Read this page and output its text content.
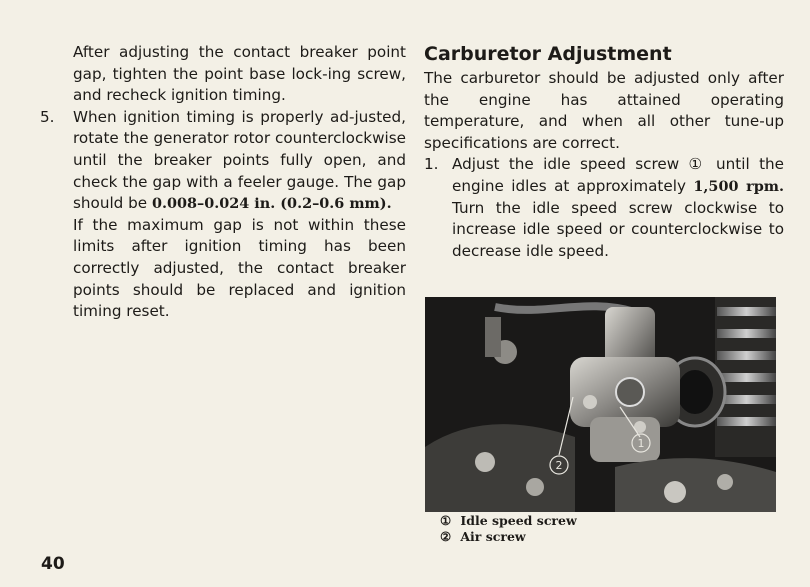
After adjusting the contact breaker point gap, tighten the point base lock-ing screw, and recheck ignition timing.

5.	When ignition timing is properly ad-justed, rotate the generator rotor counterclockwise until the breaker points fully open, and check the gap with a feeler gauge. The gap should be 0.008–0.024 in. (0.2–0.6 mm).

If the maximum gap is not within these limits after ignition timing has been correctly adjusted, the contact breaker points should be replaced and ignition timing reset.

Carburetor Adjustment

The carburetor should be adjusted only after the engine has attained operating temperature, and when all other tune-up specifications are correct.

1. Adjust the idle speed screw ① until the engine idles at approximately 1,500 rpm. Turn the idle speed screw clockwise to increase idle speed or counterclockwise to decrease idle speed.

1
2
① Idle speed screw
② Air screw
40
